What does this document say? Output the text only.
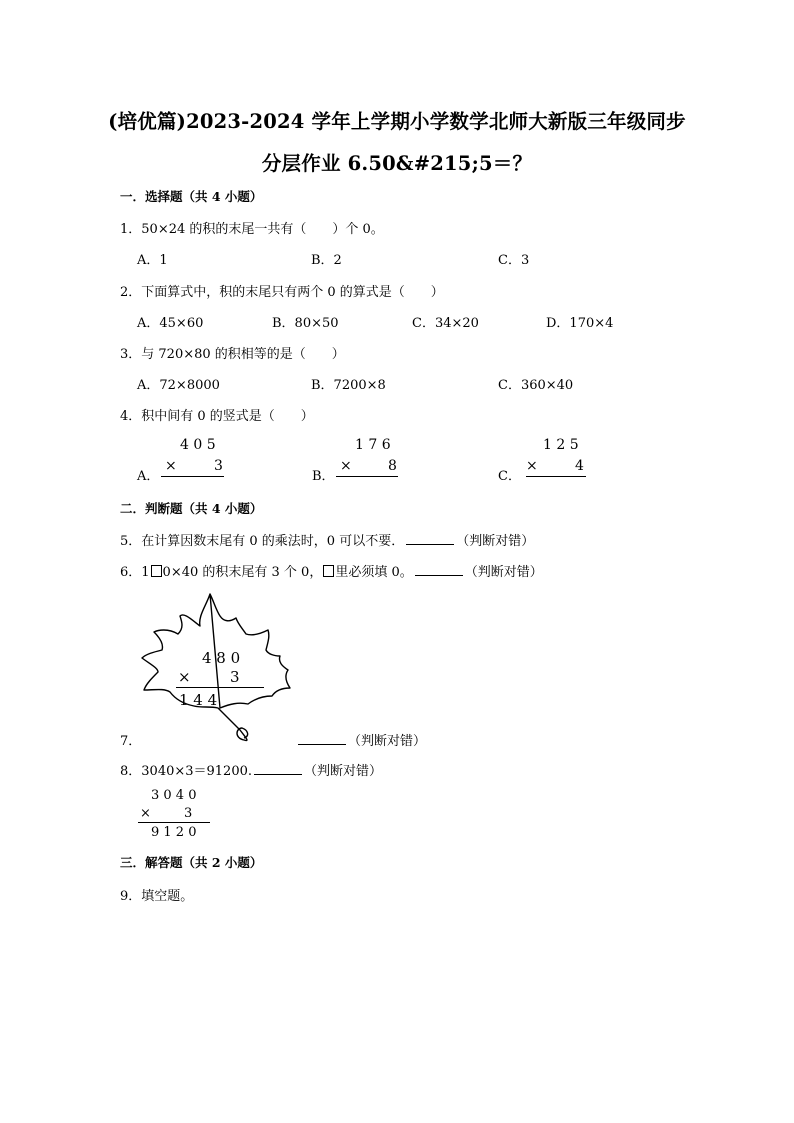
(培优篇)2023-2024 学年上学期小学数学北师大新版三年级同步
分层作业 6.50&#215;5＝？
一．选择题（共 4 小题）
1．50×24 的积的末尾一共有（　　）个 0。
A．1	B．2	C．3
2．下面算式中，积的末尾只有两个 0 的算式是（　　）
A．45×60	B．80×50	C．34×20	D．170×4
3．与 720×80 的积相等的是（　　）
A．72×8000	B．7200×8	C．360×40
4．积中间有 0 的竖式是（　　）
4 0 5
×	3
A．
1 7 6
×	8
B．
1 2 5
×	4
C．
二．判断题（共 4 小题）
5．在计算因数末尾有 0 的乘法时，0 可以不要．	（判断对错）
6．1 0×40 的积末尾有 3 个 0， 里必须填 0。	（判断对错）
4 8 0
×	3
1 4 4
7．	（判断对错）
8．3040×3＝91200.	（判断对错）
3 0 4 0
×	3
9 1 2 0
三．解答题（共 2 小题）
9．填空题。
